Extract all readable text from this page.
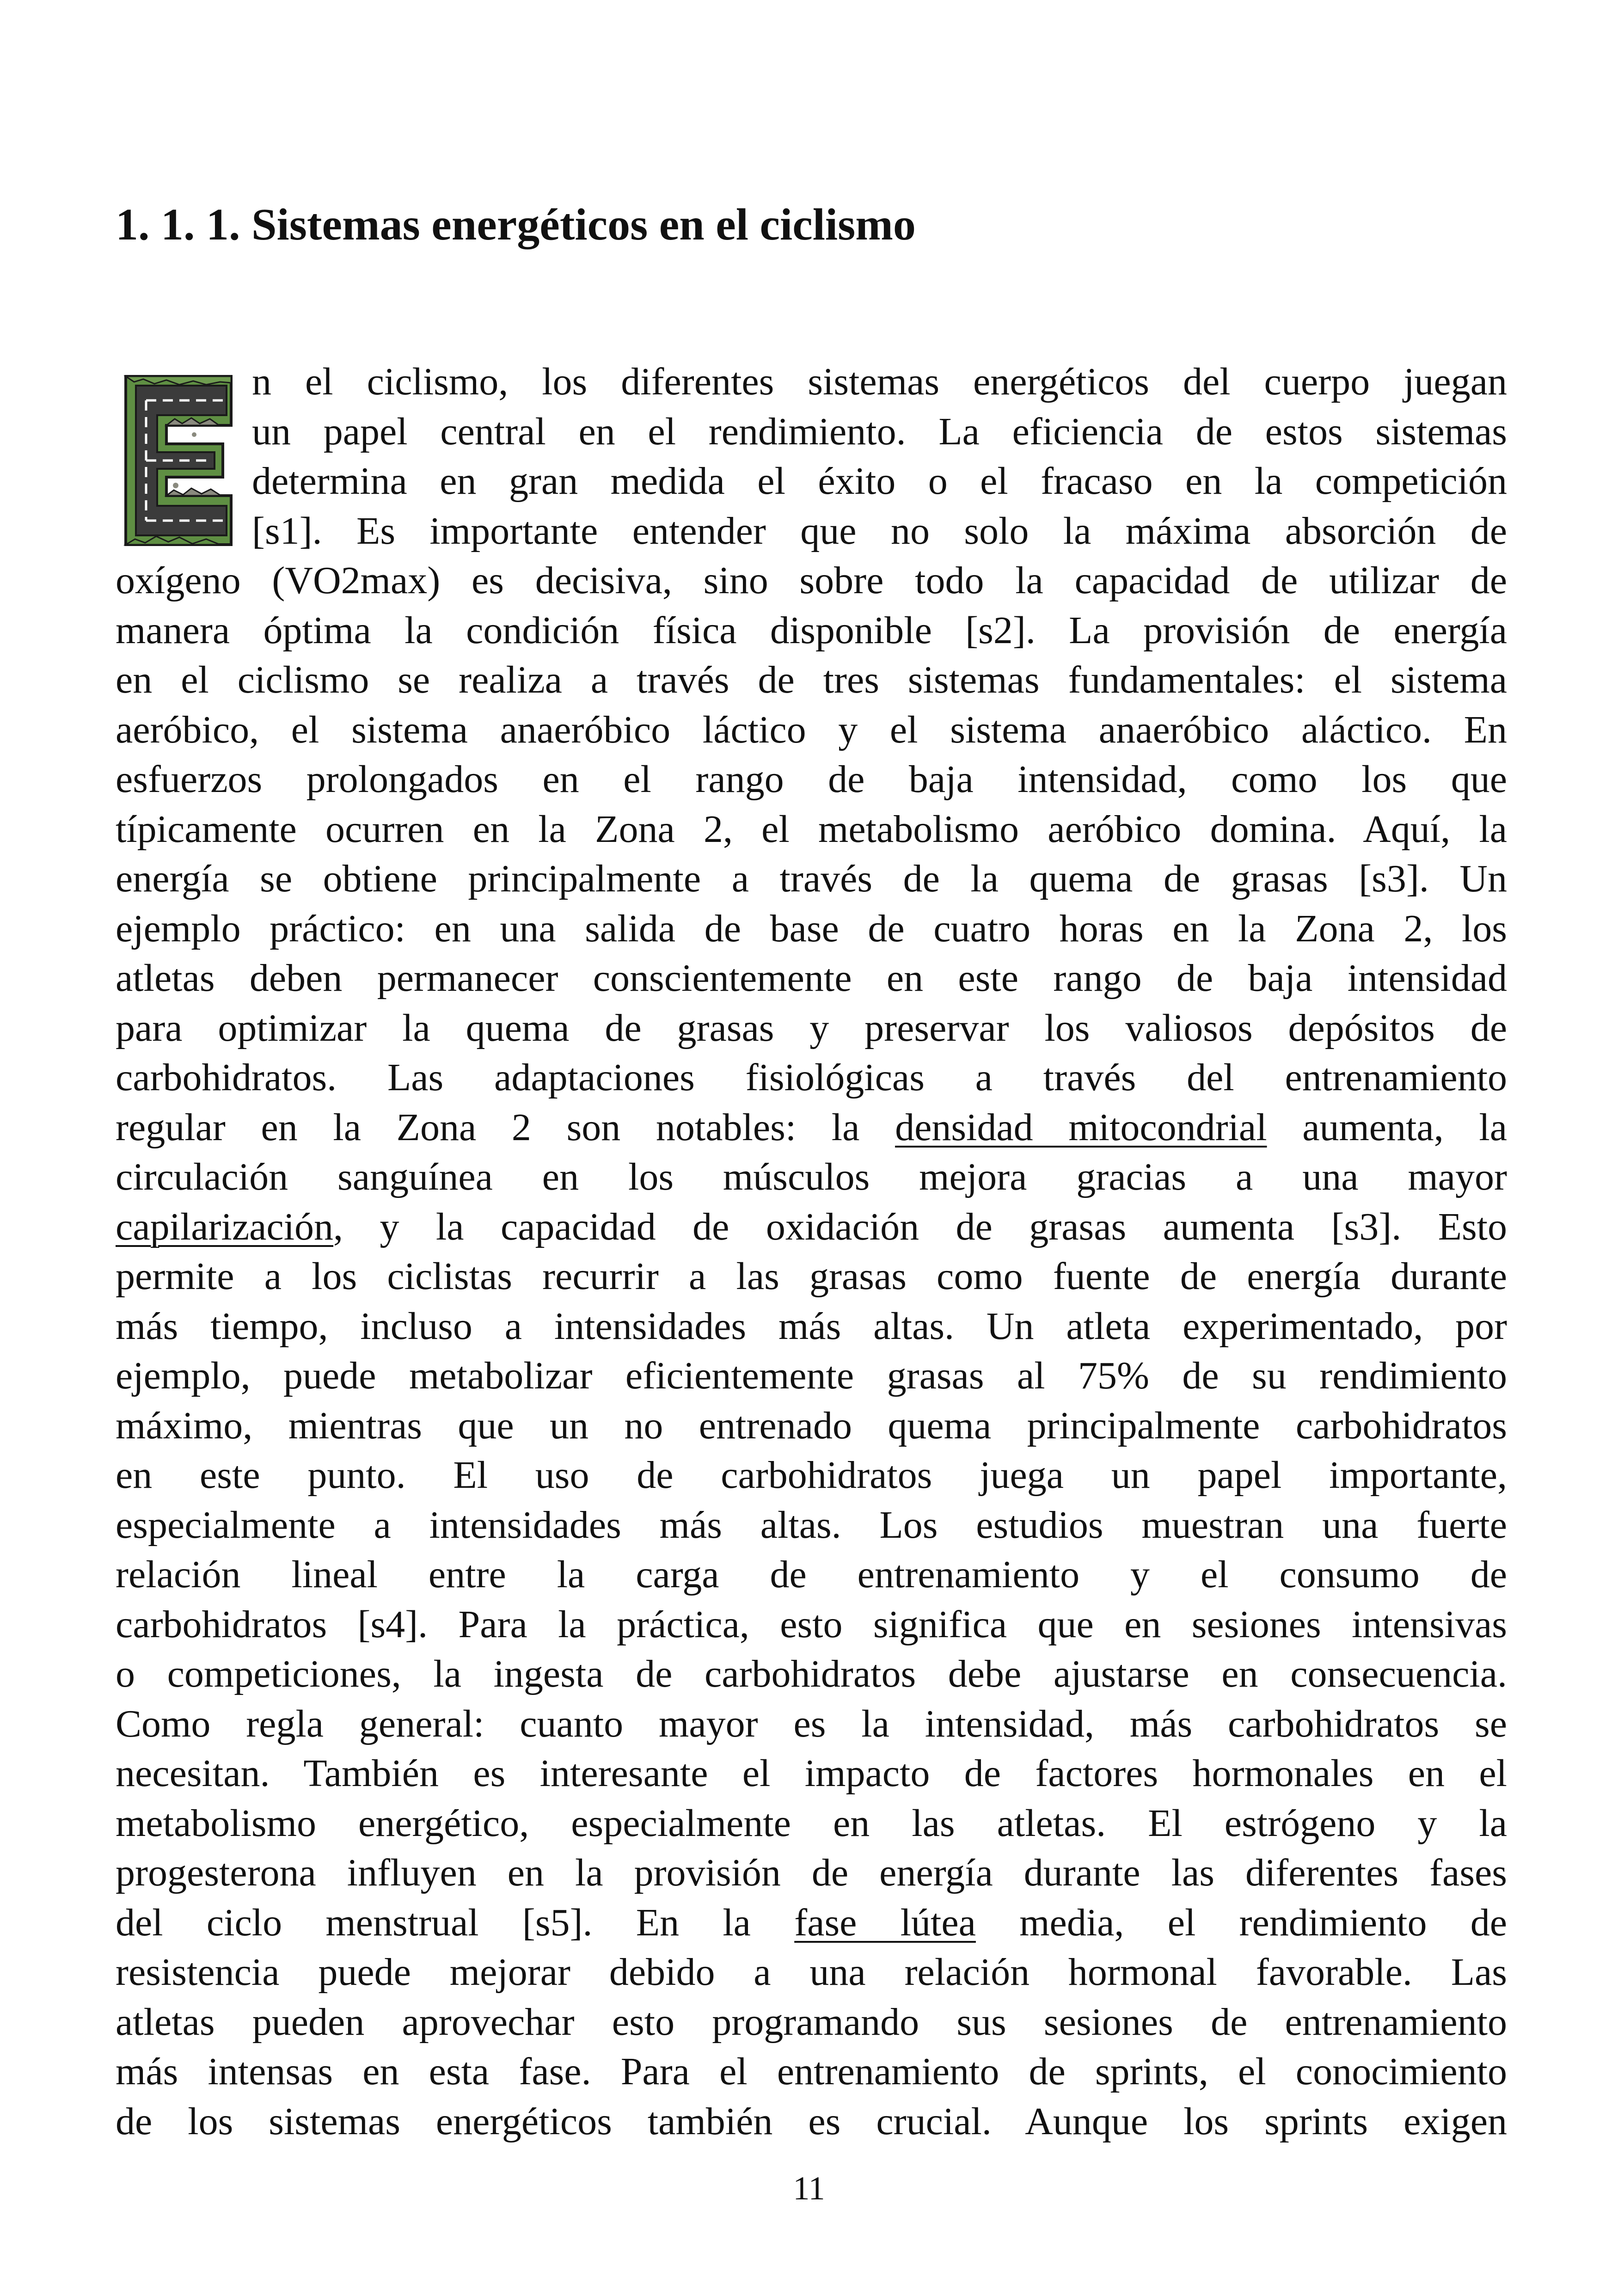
1. 1. 1. Sistemas energéticos en el ciclismo
n el ciclismo, los diferentes sistemas energéticos del cuerpo juegan
un papel central en el rendimiento. La eficiencia de estos sistemas
determina en gran medida el éxito o el fracaso en la competición
[s1]. Es importante entender que no solo la máxima absorción de
oxígeno (VO2max) es decisiva, sino sobre todo la capacidad de utilizar de
manera óptima la condición física disponible [s2]. La provisión de energía
en el ciclismo se realiza a través de tres sistemas fundamentales: el sistema
aeróbico, el sistema anaeróbico láctico y el sistema anaeróbico aláctico. En
esfuerzos prolongados en el rango de baja intensidad, como los que
típicamente ocurren en la Zona 2, el metabolismo aeróbico domina. Aquí, la
energía se obtiene principalmente a través de la quema de grasas [s3]. Un
ejemplo práctico: en una salida de base de cuatro horas en la Zona 2, los
atletas deben permanecer conscientemente en este rango de baja intensidad
para optimizar la quema de grasas y preservar los valiosos depósitos de
carbohidratos. Las adaptaciones fisiológicas a través del entrenamiento
regular en la Zona 2 son notables: la densidad mitocondrial aumenta, la
circulación sanguínea en los músculos mejora gracias a una mayor
capilarización, y la capacidad de oxidación de grasas aumenta [s3]. Esto
permite a los ciclistas recurrir a las grasas como fuente de energía durante
más tiempo, incluso a intensidades más altas. Un atleta experimentado, por
ejemplo, puede metabolizar eficientemente grasas al 75% de su rendimiento
máximo, mientras que un no entrenado quema principalmente carbohidratos
en este punto. El uso de carbohidratos juega un papel importante,
especialmente a intensidades más altas. Los estudios muestran una fuerte
relación lineal entre la carga de entrenamiento y el consumo de
carbohidratos [s4]. Para la práctica, esto significa que en sesiones intensivas
o competiciones, la ingesta de carbohidratos debe ajustarse en consecuencia.
Como regla general: cuanto mayor es la intensidad, más carbohidratos se
necesitan. También es interesante el impacto de factores hormonales en el
metabolismo energético, especialmente en las atletas. El estrógeno y la
progesterona influyen en la provisión de energía durante las diferentes fases
del ciclo menstrual [s5]. En la fase lútea media, el rendimiento de
resistencia puede mejorar debido a una relación hormonal favorable. Las
atletas pueden aprovechar esto programando sus sesiones de entrenamiento
más intensas en esta fase. Para el entrenamiento de sprints, el conocimiento
de los sistemas energéticos también es crucial. Aunque los sprints exigen
11
